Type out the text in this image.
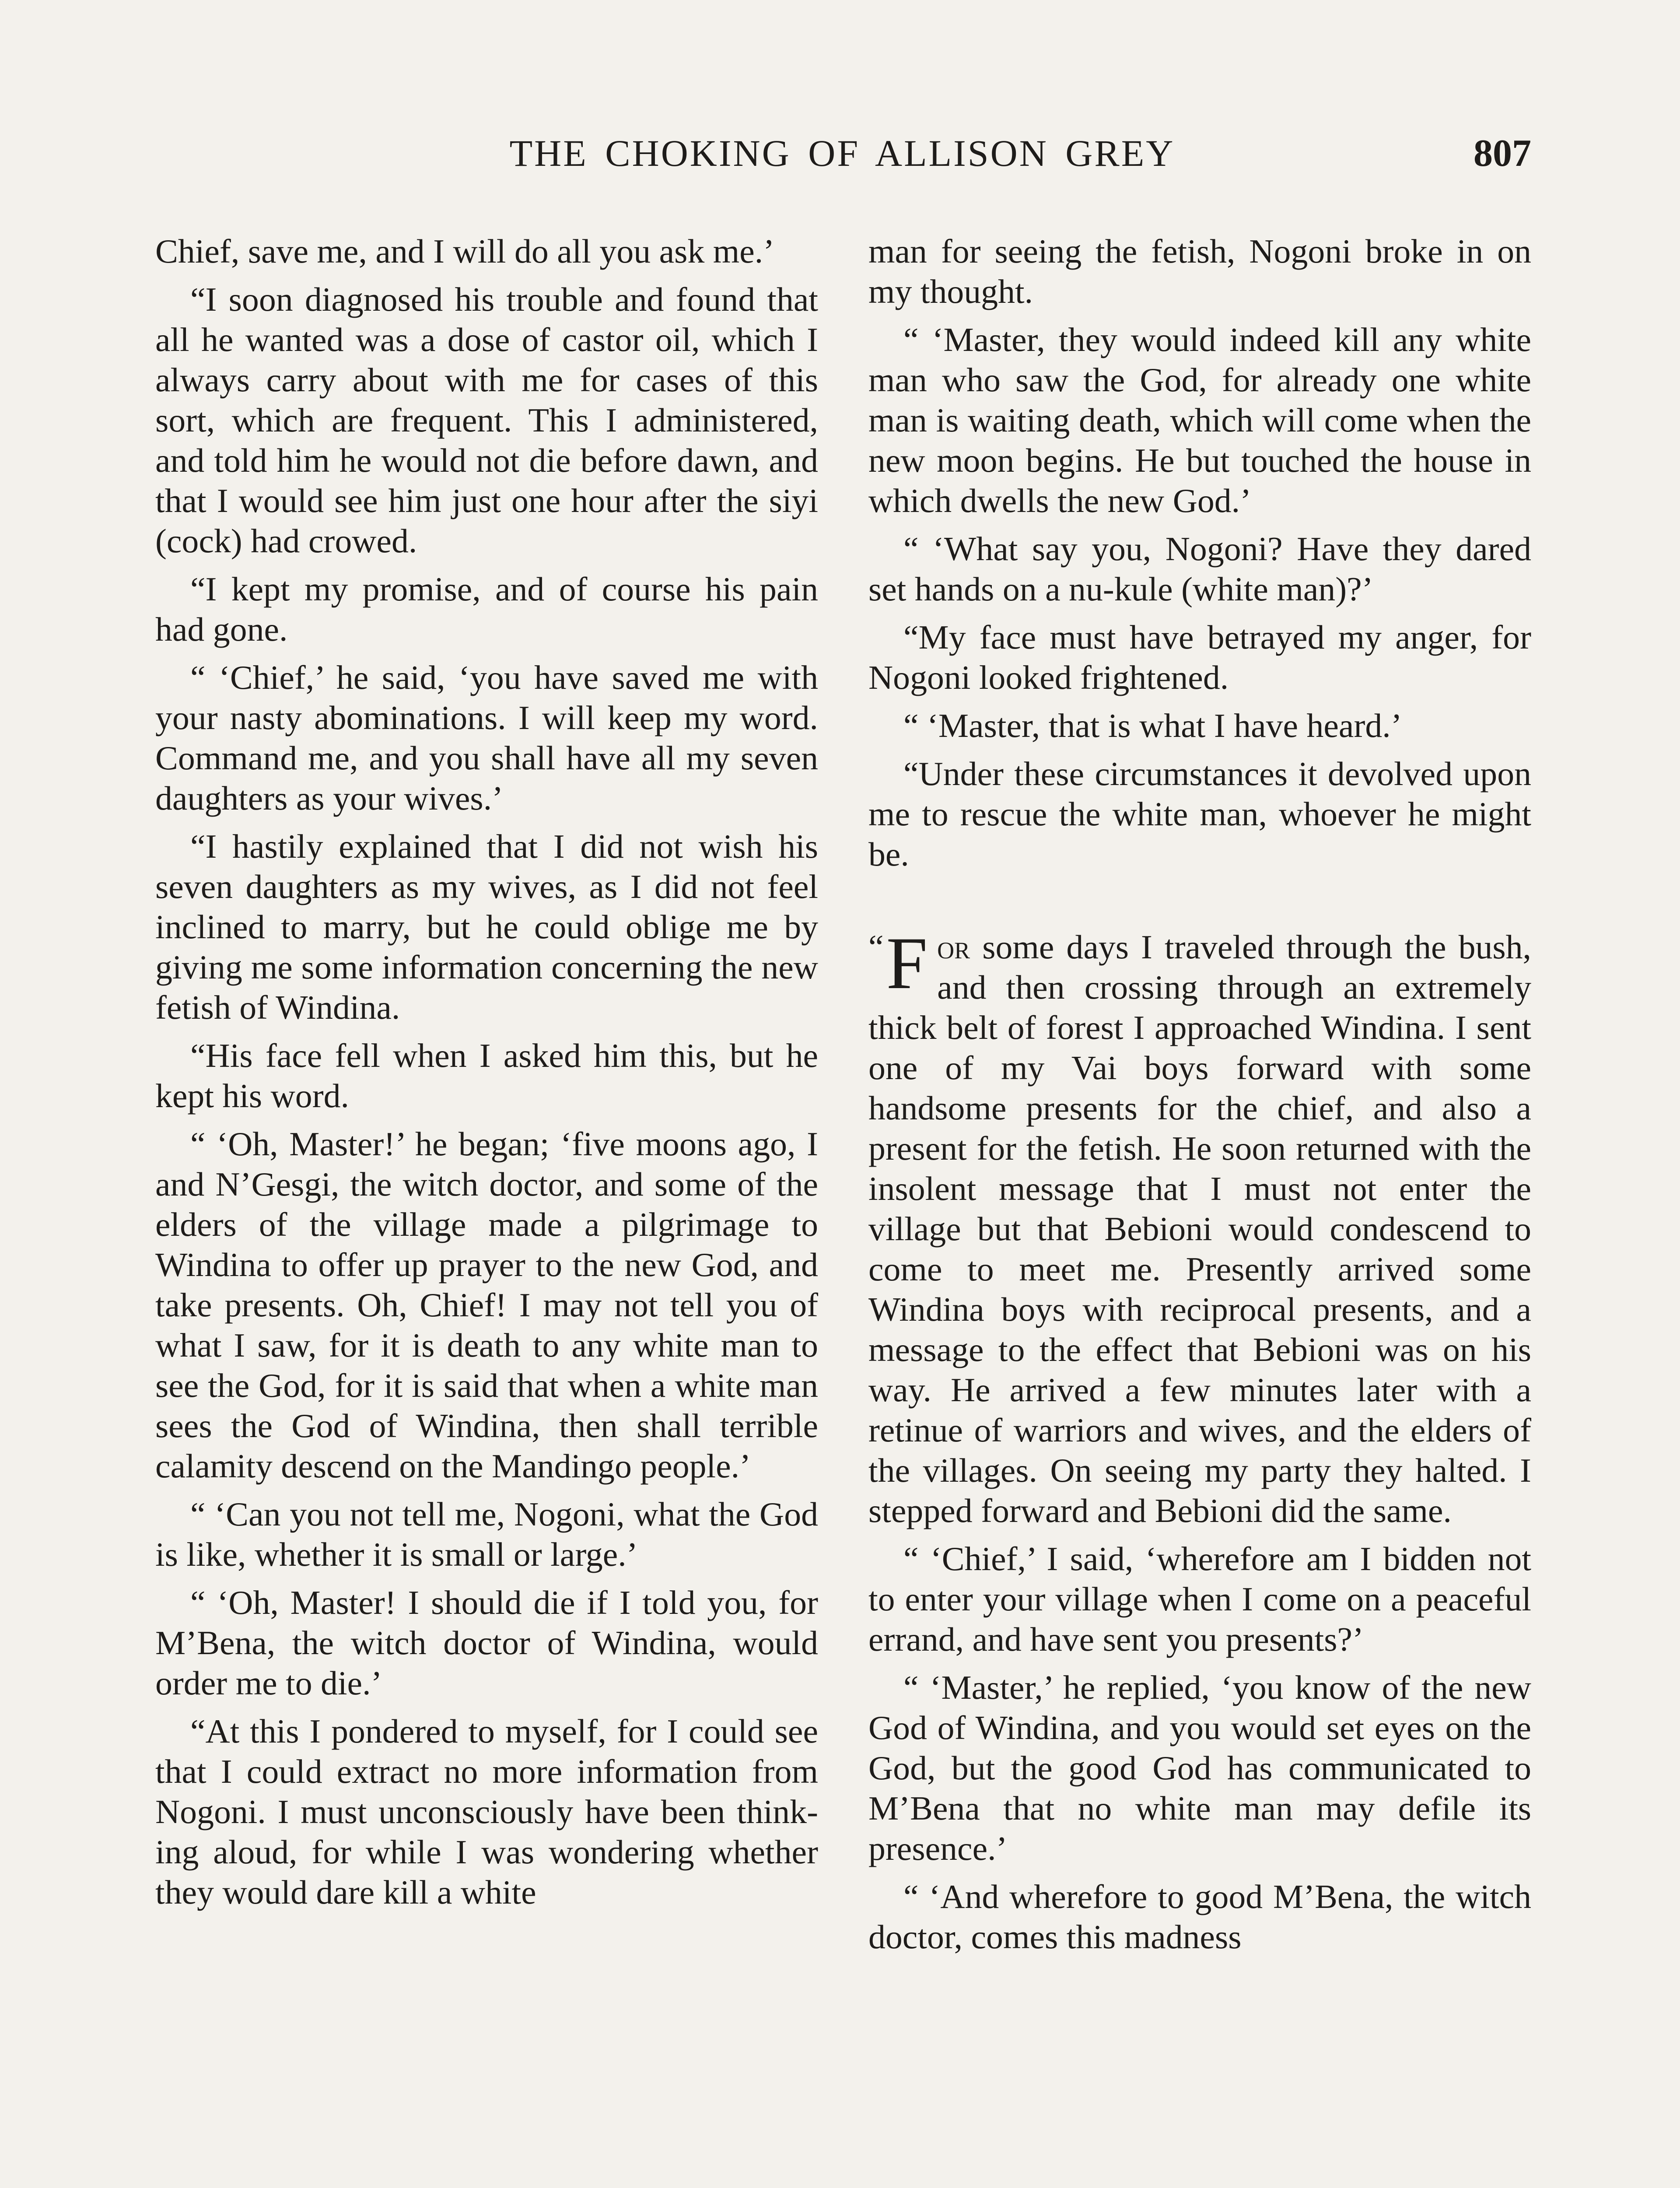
THE CHOKING OF ALLISON GREY	807

Chief, save me, and I will do all you ask me.’

“I soon diagnosed his trouble and found that all he wanted was a dose of castor oil, which I always carry about with me for cases of this sort, which are frequent. This I administered, and told him he would not die before dawn, and that I would see him just one hour after the siyi (cock) had crowed.

“I kept my promise, and of course his pain had gone.

“ ‘Chief,’ he said, ‘you have saved me with your nasty abominations. I will keep my word. Command me, and you shall have all my seven daughters as your wives.’

“I hastily explained that I did not wish his seven daughters as my wives, as I did not feel inclined to marry, but he could oblige me by giving me some information concerning the new fetish of Windina.

“His face fell when I asked him this, but he kept his word.

“ ‘Oh, Master!’ he began; ‘five moons ago, I and N’Gesgi, the witch doctor, and some of the elders of the village made a pilgrimage to Windina to offer up prayer to the new God, and take presents. Oh, Chief! I may not tell you of what I saw, for it is death to any white man to see the God, for it is said that when a white man sees the God of Windina, then shall terrible calamity descend on the Mandingo people.’

“ ‘Can you not tell me, Nogoni, what the God is like, whether it is small or large.’

“ ‘Oh, Master! I should die if I told you, for M’Bena, the witch doctor of Windina, would order me to die.’

“At this I pondered to myself, for I could see that I could extract no more information from Nogoni. I must unconsciously have been thinking aloud, for while I was wondering whether they would dare kill a white

man for seeing the fetish, Nogoni broke in on my thought.

“ ‘Master, they would indeed kill any white man who saw the God, for already one white man is waiting death, which will come when the new moon begins. He but touched the house in which dwells the new God.’

“ ‘What say you, Nogoni? Have they dared set hands on a nu-kule (white man)?’

“My face must have betrayed my anger, for Nogoni looked frightened.

“ ‘Master, that is what I have heard.’

“Under these circumstances it devolved upon me to rescue the white man, whoever he might be.

“ F or some days I traveled through the bush, and then crossing through an extremely thick belt of forest I approached Windina. I sent one of my Vai boys forward with some handsome presents for the chief, and also a present for the fetish. He soon returned with the insolent message that I must not enter the village but that Bebioni would condescend to come to meet me. Presently arrived some Windina boys with reciprocal presents, and a message to the effect that Bebioni was on his way. He arrived a few minutes later with a retinue of warriors and wives, and the elders of the villages. On seeing my party they halted. I stepped forward and Bebioni did the same.

“ ‘Chief,’ I said, ‘wherefore am I bidden not to enter your village when I come on a peaceful errand, and have sent you presents?’

“ ‘Master,’ he replied, ‘you know of the new God of Windina, and you would set eyes on the God, but the good God has communicated to M’Bena that no white man may defile its presence.’

“ ‘And wherefore to good M’Bena, the witch doctor, comes this madness
